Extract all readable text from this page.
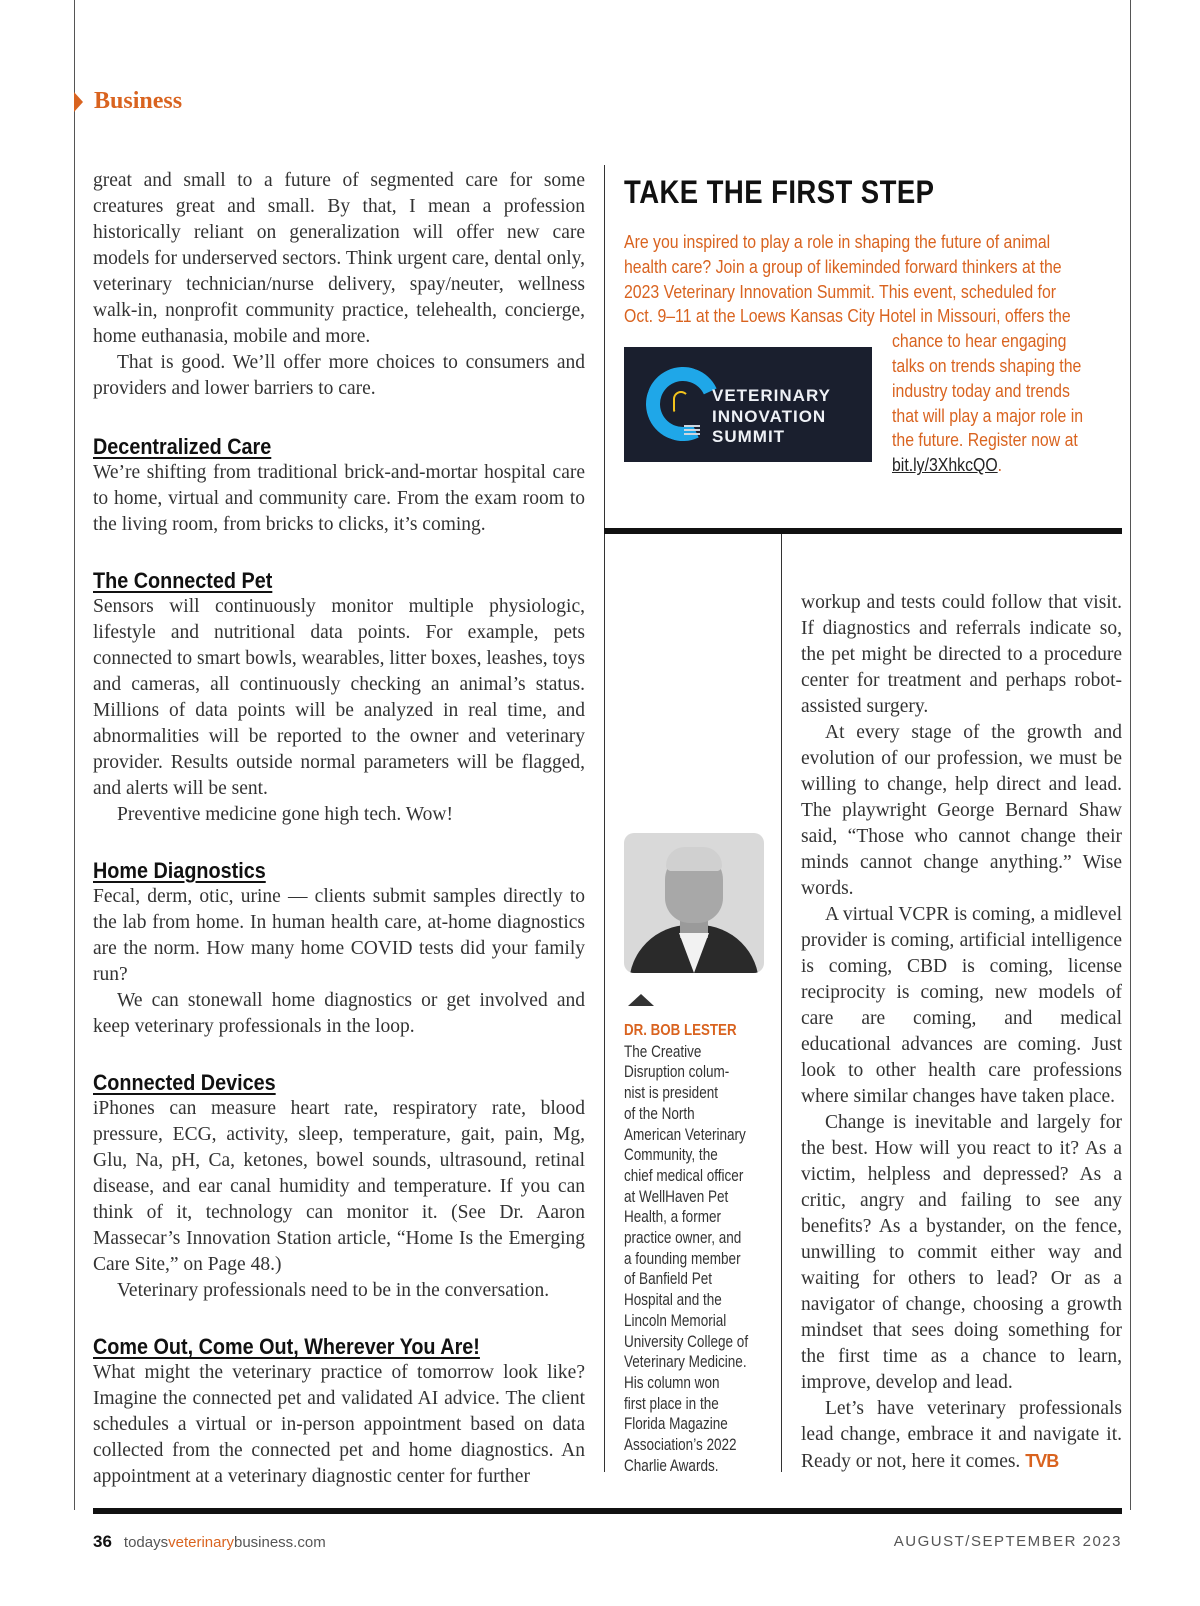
Business

great and small to a future of segmented care for some creatures great and small. By that, I mean a profession historically reliant on generalization will offer new care models for underserved sectors. Think urgent care, dental only, veterinary technician/nurse delivery, spay/neuter, wellness walk-in, nonprofit community practice, telehealth, concierge, home euthanasia, mobile and more.

That is good. We’ll offer more choices to consumers and providers and lower barriers to care.

Decentralized Care

We’re shifting from traditional brick-and-mortar hospital care to home, virtual and community care. From the exam room to the living room, from bricks to clicks, it’s coming.

The Connected Pet

Sensors will continuously monitor multiple physiologic, lifestyle and nutritional data points. For example, pets connected to smart bowls, wearables, litter boxes, leashes, toys and cameras, all continuously checking an animal’s status. Millions of data points will be analyzed in real time, and abnormalities will be reported to the owner and veterinary provider. Results outside normal parameters will be flagged, and alerts will be sent.

Preventive medicine gone high tech. Wow!

Home Diagnostics

Fecal, derm, otic, urine — clients submit samples directly to the lab from home. In human health care, at-home diagnostics are the norm. How many home COVID tests did your family run?

We can stonewall home diagnostics or get involved and keep veterinary professionals in the loop.

Connected Devices

iPhones can measure heart rate, respiratory rate, blood pressure, ECG, activity, sleep, temperature, gait, pain, Mg, Glu, Na, pH, Ca, ketones, bowel sounds, ultrasound, retinal disease, and ear canal humidity and temperature. If you can think of it, technology can monitor it. (See Dr. Aaron Massecar’s Innovation Station article, “Home Is the Emerging Care Site,” on Page 48.)

Veterinary professionals need to be in the conversation.

Come Out, Come Out, Wherever You Are!

What might the veterinary practice of tomorrow look like? Imagine the connected pet and validated AI advice. The client schedules a virtual or in-person appointment based on data collected from the connected pet and home diagnostics. An appointment at a veterinary diagnostic center for further

TAKE THE FIRST STEP
Are you inspired to play a role in shaping the future of animal
health care? Join a group of likeminded forward thinkers at the
2023 Veterinary Innovation Summit. This event, scheduled for
Oct. 9–11 at the Loews Kansas City Hotel in Missouri, offers the
VETERINARY
INNOVATION
SUMMIT
chance to hear engaging
talks on trends shaping the
industry today and trends
that will play a major role in
the future. Register now at
bit.ly/3XhkcQO.
DR. BOB LESTER
The Creative
Disruption colum-
nist is president
of the North
American Veterinary
Community, the
chief medical officer
at WellHaven Pet
Health, a former
practice owner, and
a founding member
of Banfield Pet
Hospital and the
Lincoln Memorial
University College of
Veterinary Medicine.
His column won
first place in the
Florida Magazine
Association’s 2022
Charlie Awards.

workup and tests could follow that visit. If diagnostics and referrals indicate so, the pet might be directed to a procedure center for treatment and perhaps robot-assisted surgery.

At every stage of the growth and evolution of our profession, we must be willing to change, help direct and lead. The playwright George Bernard Shaw said, “Those who cannot change their minds cannot change anything.” Wise words.

A virtual VCPR is coming, a midlevel provider is coming, artificial intelligence is coming, CBD is coming, license reciprocity is coming, new models of care are coming, and medical educational advances are coming. Just look to other health care professions where similar changes have taken place.

Change is inevitable and largely for the best. How will you react to it? As a victim, helpless and depressed? As a critic, angry and failing to see any benefits? As a bystander, on the fence, unwilling to commit either way and waiting for others to lead? Or as a navigator of change, choosing a growth mindset that sees doing something for the first time as a chance to learn, improve, develop and lead.

Let’s have veterinary professionals lead change, embrace it and navigate it. Ready or not, here it comes. TVB

36 todaysveterinarybusiness.com	AUGUST/SEPTEMBER 2023
